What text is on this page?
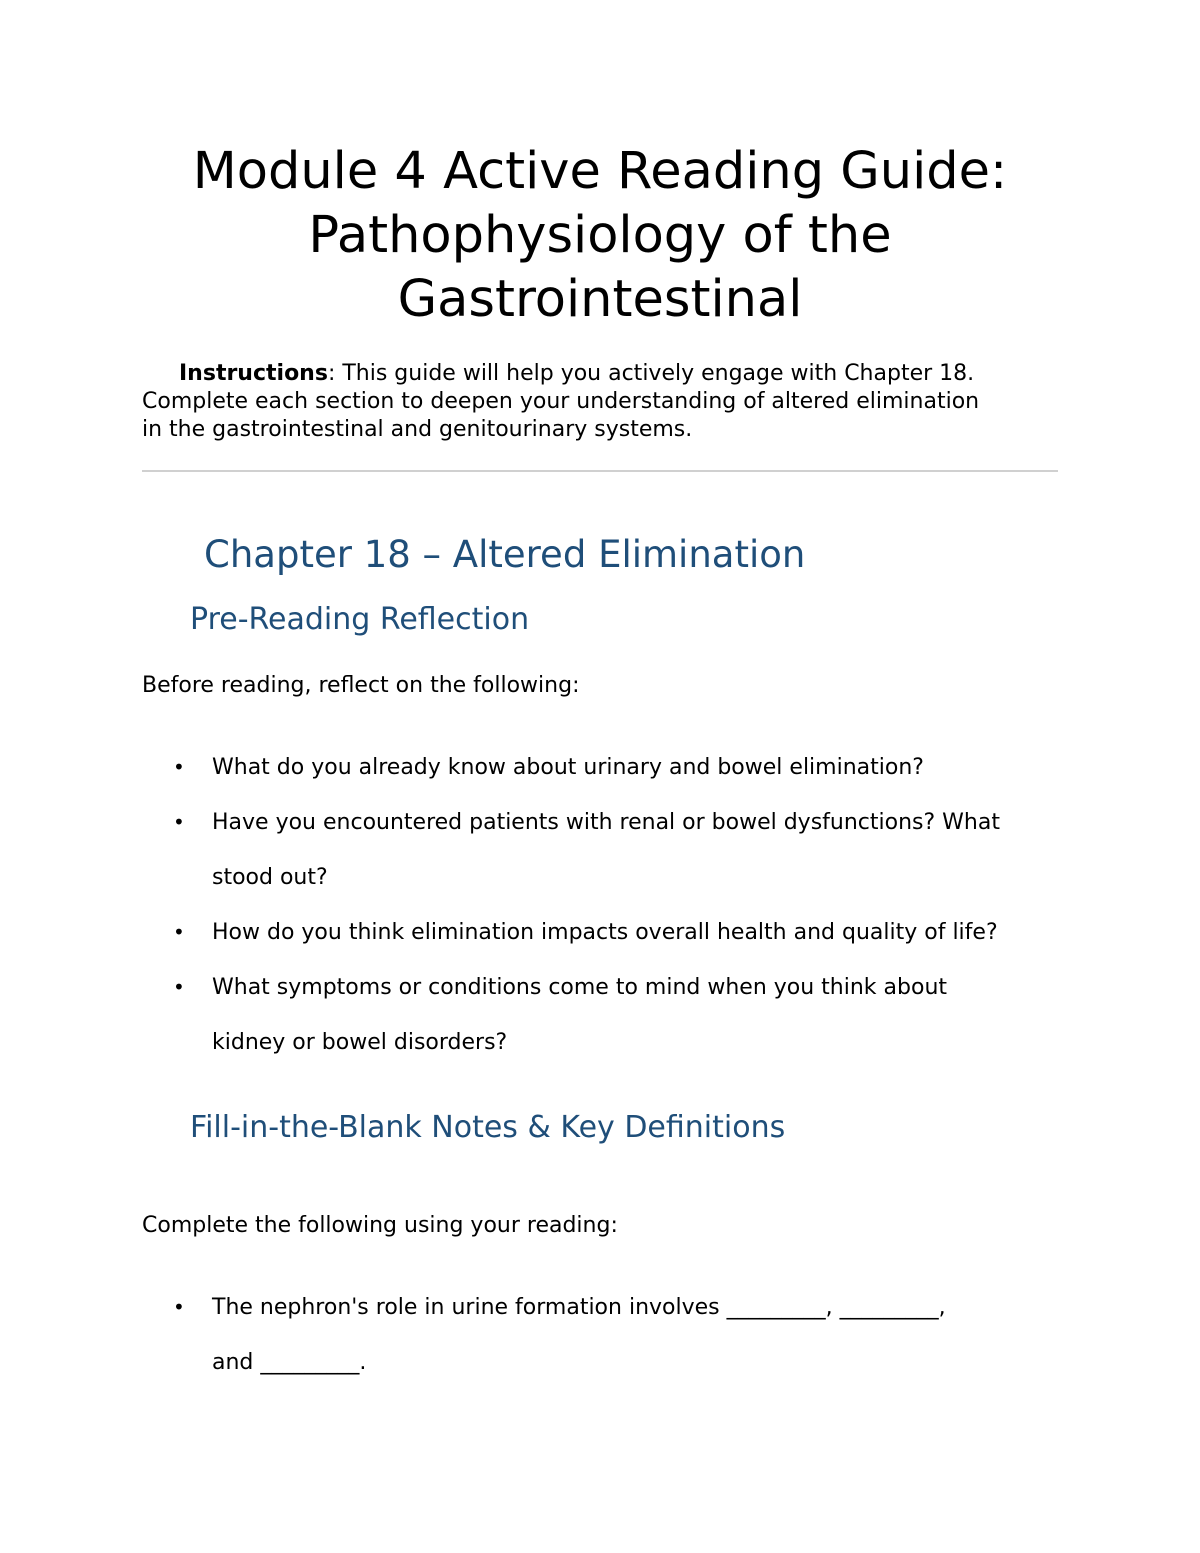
Module 4 Active Reading Guide:
Pathophysiology of the
Gastrointestinal

Instructions: This guide will help you actively engage with Chapter 18.
Complete each section to deepen your understanding of altered elimination
in the gastrointestinal and genitourinary systems.

Chapter 18 – Altered Elimination
Pre-Reading Reflection

Before reading, reflect on the following:

• What do you already know about urinary and bowel elimination?
• Have you encountered patients with renal or bowel dysfunctions? What
stood out?
• How do you think elimination impacts overall health and quality of life?
• What symptoms or conditions come to mind when you think about
kidney or bowel disorders?
Fill-in-the-Blank Notes & Key Definitions

Complete the following using your reading:

• The nephron's role in urine formation involves _________, _________,
and _________.
